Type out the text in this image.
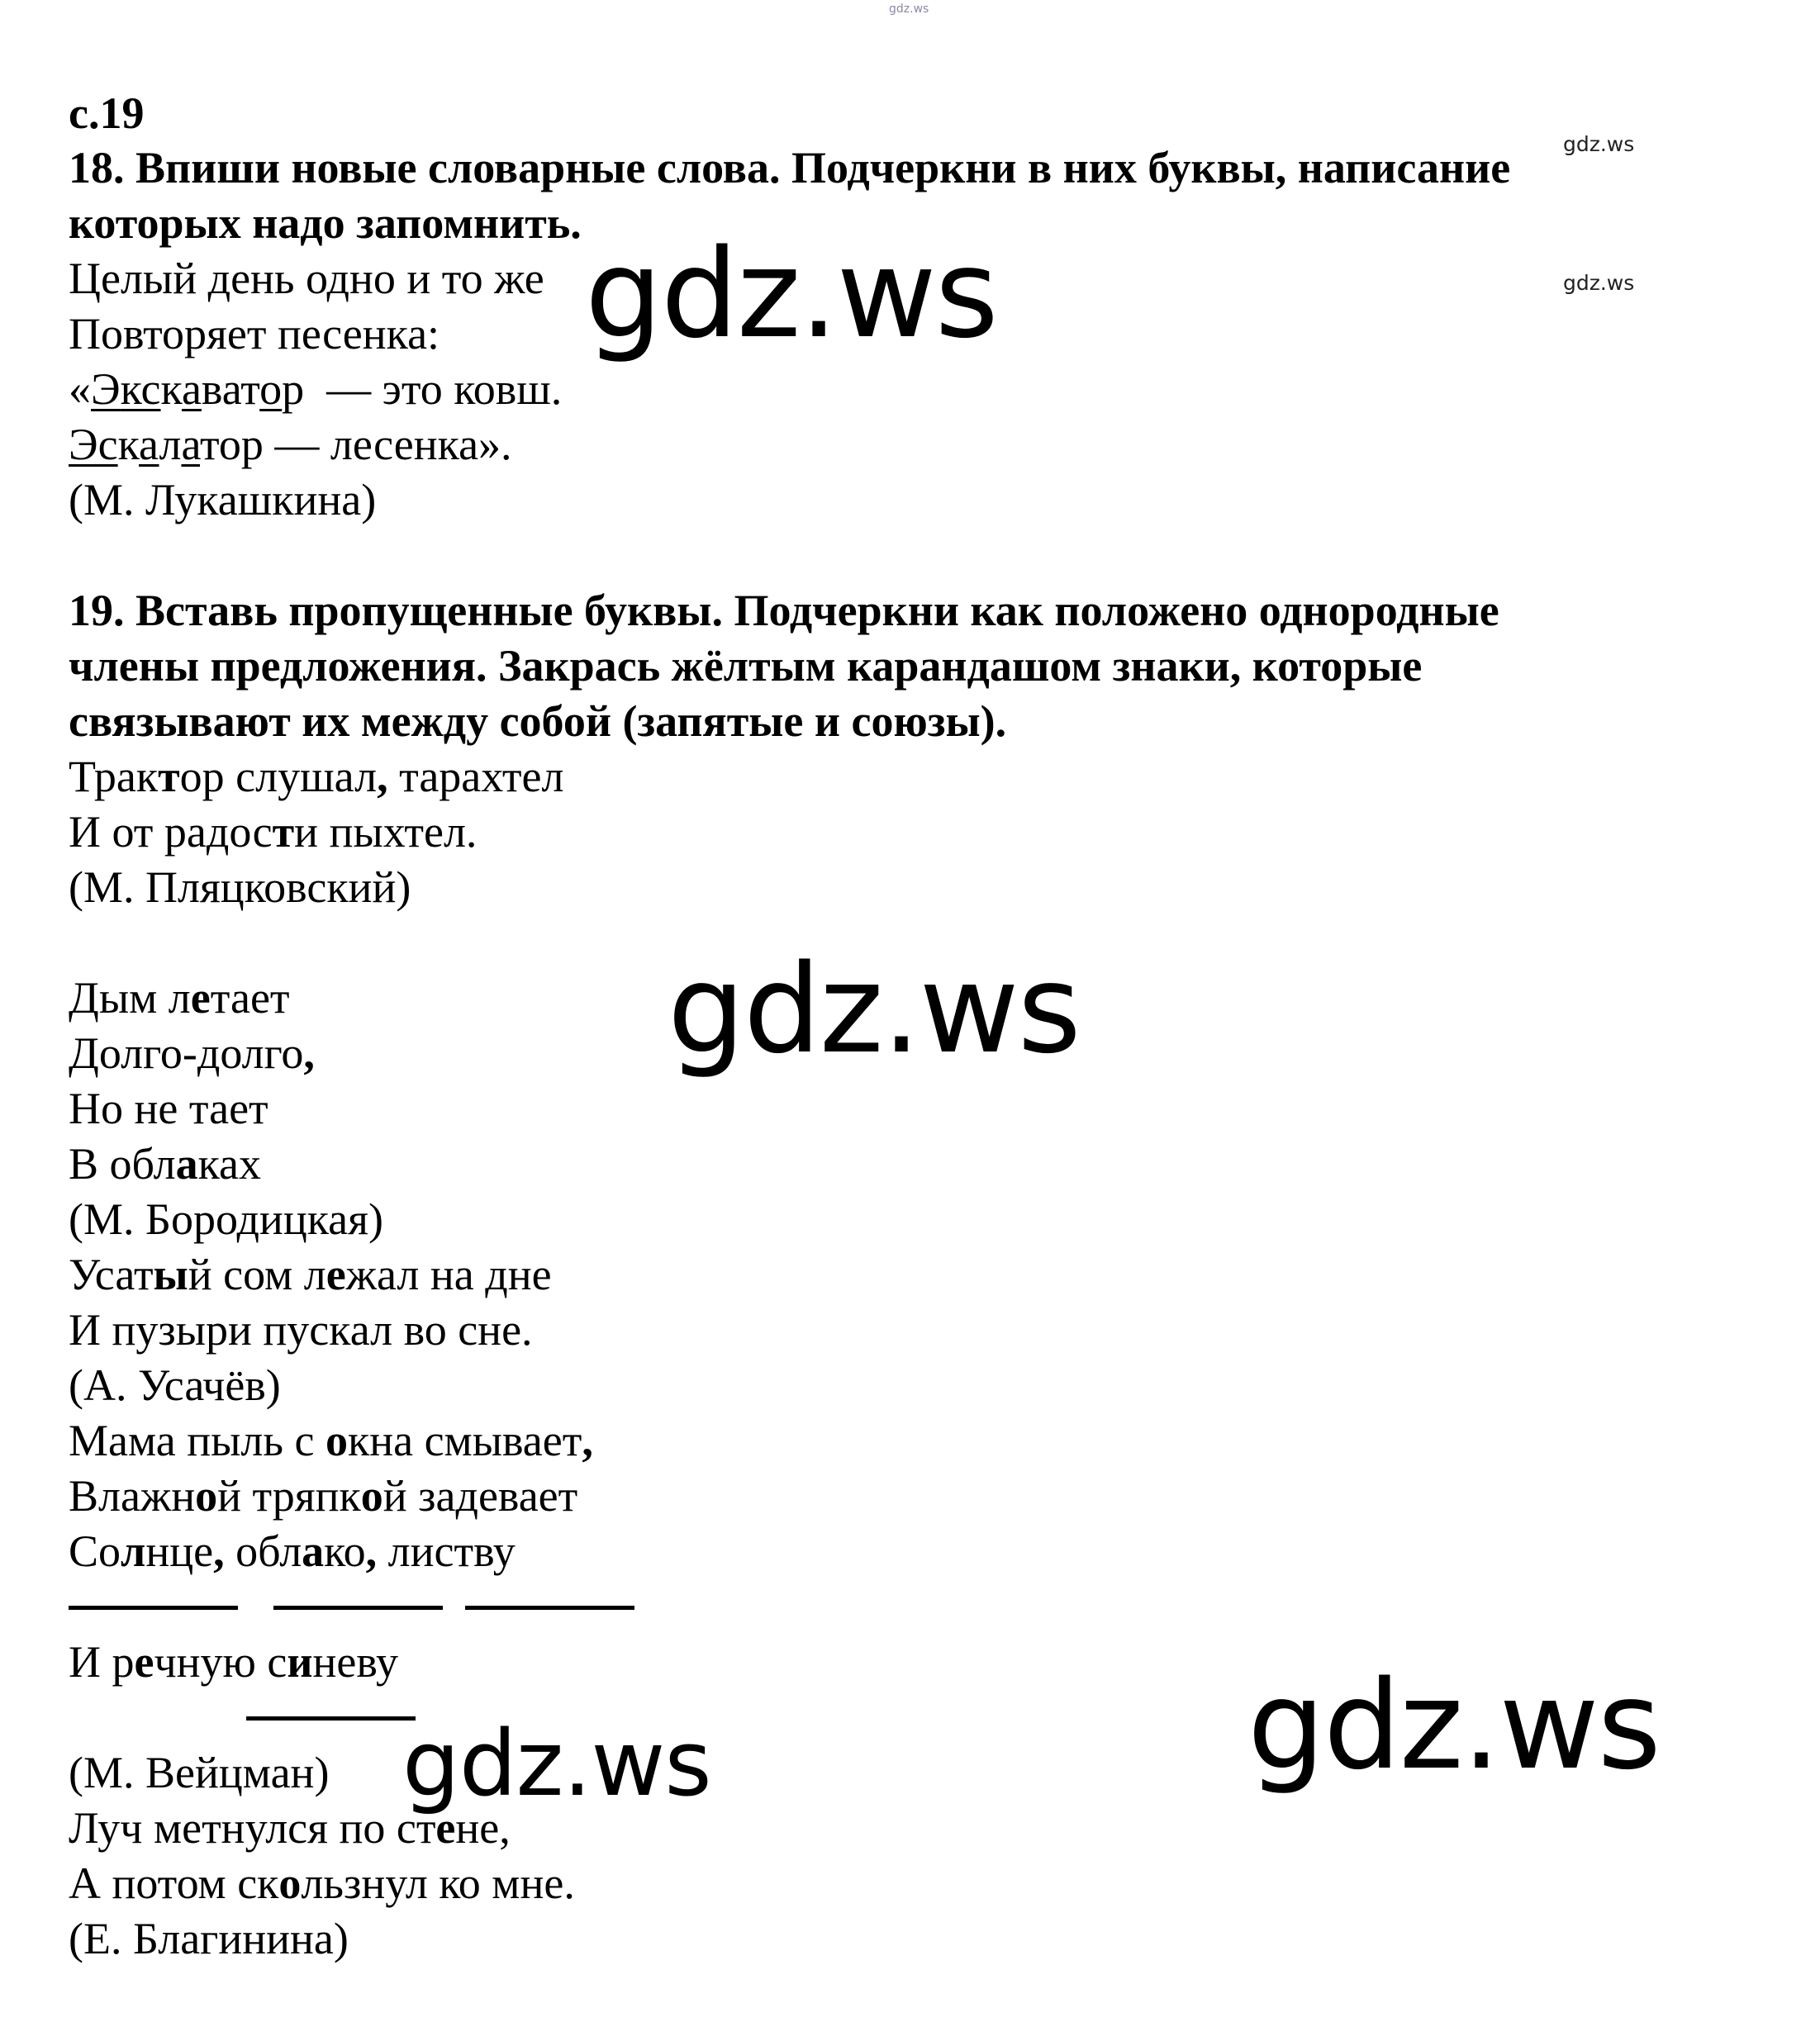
gdz.ws
gdz.ws
gdz.ws
gdz.ws
gdz.ws
gdz.ws
gdz.ws
с.19
18. Впиши новые словарные слова. Подчеркни в них буквы, написание
которых надо запомнить.
Целый день одно и то же
Повторяет песенка:
«Экскаватор  — это ковш.
Эскалатор — лесенка».
(М. Лукашкина)
19. Вставь пропущенные буквы. Подчеркни как положено однородные
члены предложения. Закрась жёлтым карандашом знаки, которые
связывают их между собой (запятые и союзы).
Трактор слушал, тарахтел
И от радости пыхтел.
(М. Пляцковский)
Дым летает
Долго-долго,
Но не тает
В облаках
(М. Бородицкая)
Усатый сом лежал на дне
И пузыри пускал во сне.
(А. Усачёв)
Мама пыль с окна смывает,
Влажной тряпкой задевает
Солнце, облако, листву
И речную синеву
(М. Вейцман)
Луч метнулся по стене,
А потом скользнул ко мне.
(Е. Благинина)
